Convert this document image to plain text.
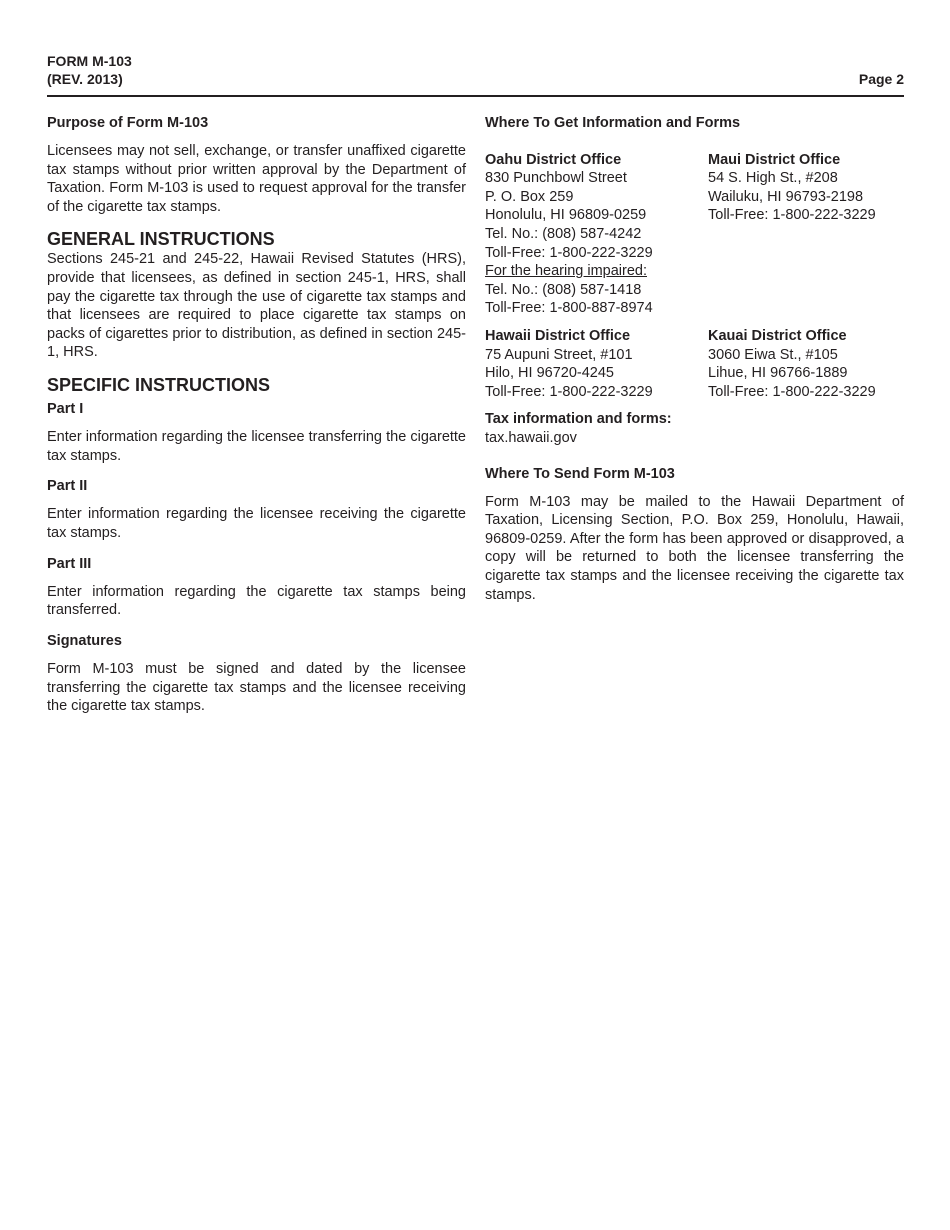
FORM M-103
(REV. 2013)	Page 2
Purpose of Form M-103

Licensees may not sell, exchange, or transfer unaffixed cigarette tax stamps without prior written approval by the Department of Taxation. Form M-103 is used to request approval for the transfer of the cigarette tax stamps.

GENERAL INSTRUCTIONS

Sections 245-21 and 245-22, Hawaii Revised Statutes (HRS), provide that licensees, as defined in section 245-1, HRS, shall pay the cigarette tax through the use of cigarette tax stamps and that licensees are required to place cigarette tax stamps on packs of cigarettes prior to distribution, as defined in section 245-1, HRS.

SPECIFIC INSTRUCTIONS
Part I

Enter information regarding the licensee transferring the cigarette tax stamps.

Part II

Enter information regarding the licensee receiving the cigarette tax stamps.

Part III

Enter information regarding the cigarette tax stamps being transferred.

Signatures

Form M-103 must be signed and dated by the licensee transferring the cigarette tax stamps and the licensee receiving the cigarette tax stamps.

Where To Get Information and Forms
Oahu District Office
830 Punchbowl Street
P. O. Box 259
Honolulu, HI 96809-0259
Tel. No.: (808) 587-4242
Toll-Free: 1-800-222-3229
For the hearing impaired:
Tel. No.: (808) 587-1418
Toll-Free: 1-800-887-8974
Maui District Office
54 S. High St., #208
Wailuku, HI 96793-2198
Toll-Free: 1-800-222-3229
Hawaii District Office
75 Aupuni Street, #101
Hilo, HI 96720-4245
Toll-Free: 1-800-222-3229
Kauai District Office
3060 Eiwa St., #105
Lihue, HI 96766-1889
Toll-Free: 1-800-222-3229
Tax information and forms:
tax.hawaii.gov
Where To Send Form M-103

Form M-103 may be mailed to the Hawaii Department of Taxation, Licensing Section, P.O. Box 259, Honolulu, Hawaii, 96809-0259. After the form has been approved or disapproved, a copy will be returned to both the licensee transferring the cigarette tax stamps and the licensee receiving the cigarette tax stamps.
